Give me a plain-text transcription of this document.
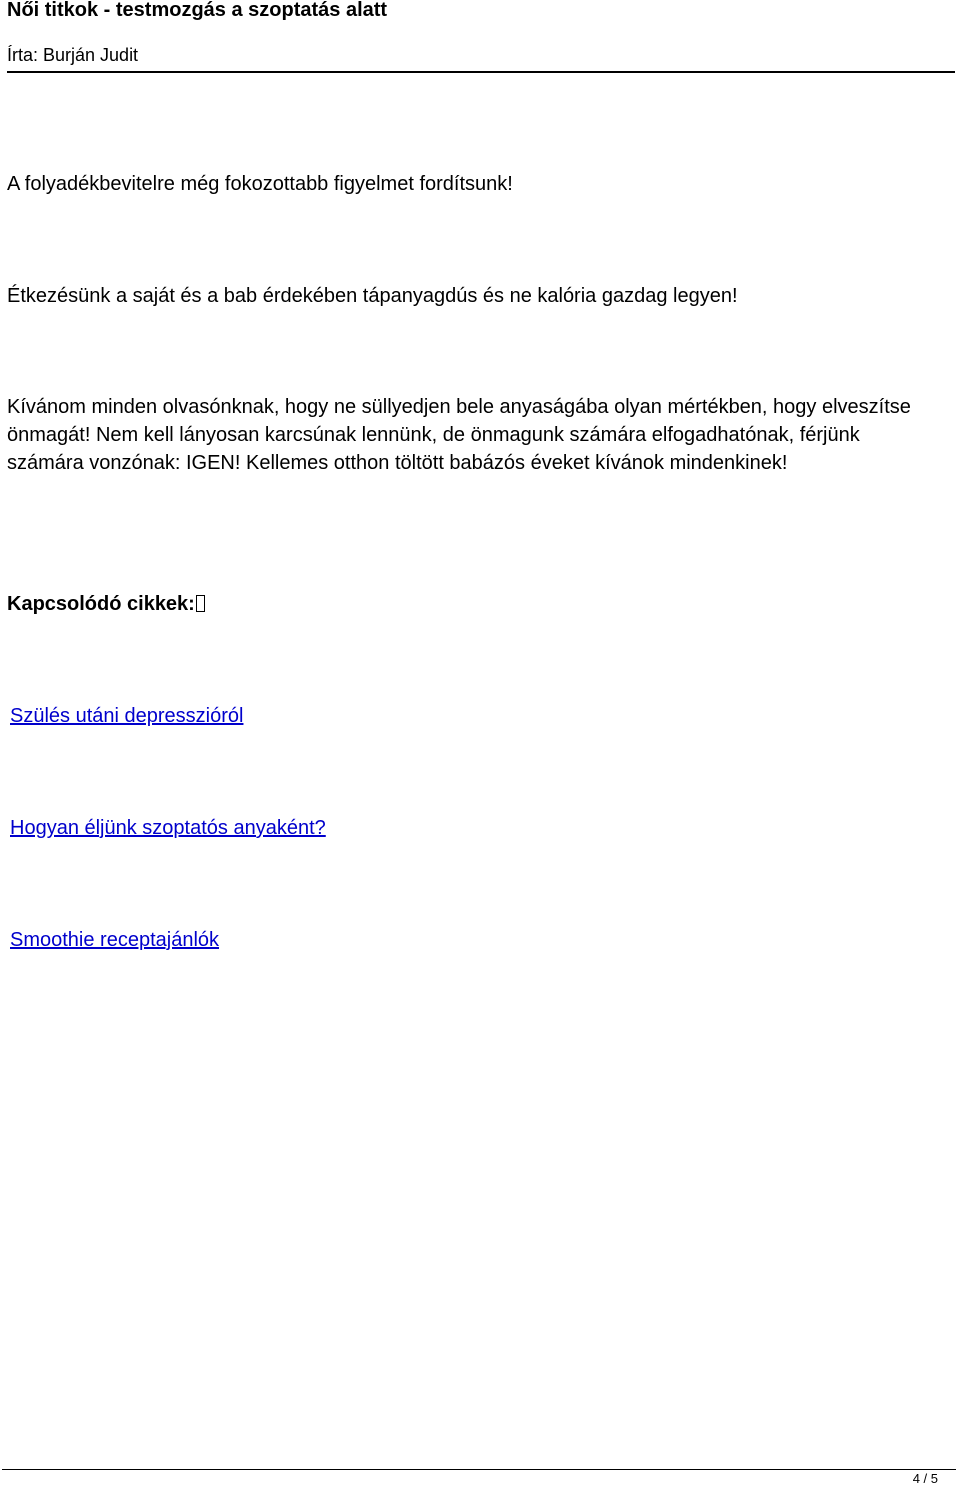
Női titkok - testmozgás a szoptatás alatt
Írta: Burján Judit

A folyadékbevitelre még fokozottabb figyelmet fordítsunk!

Étkezésünk a saját és a bab érdekében tápanyagdús és ne kalória gazdag legyen!

Kívánom minden olvasónknak, hogy ne süllyedjen bele anyaságába olyan mértékben, hogy elveszítse önmagát! Nem kell lányosan karcsúnak lennünk, de önmagunk számára elfogadhatónak, férjünk számára vonzónak: IGEN! Kellemes otthon töltött babázós éveket kívánok mindenkinek!

Kapcsolódó cikkek:
Szülés utáni depresszióról
Hogyan éljünk szoptatós anyaként?
Smoothie receptajánlók
4 / 5
